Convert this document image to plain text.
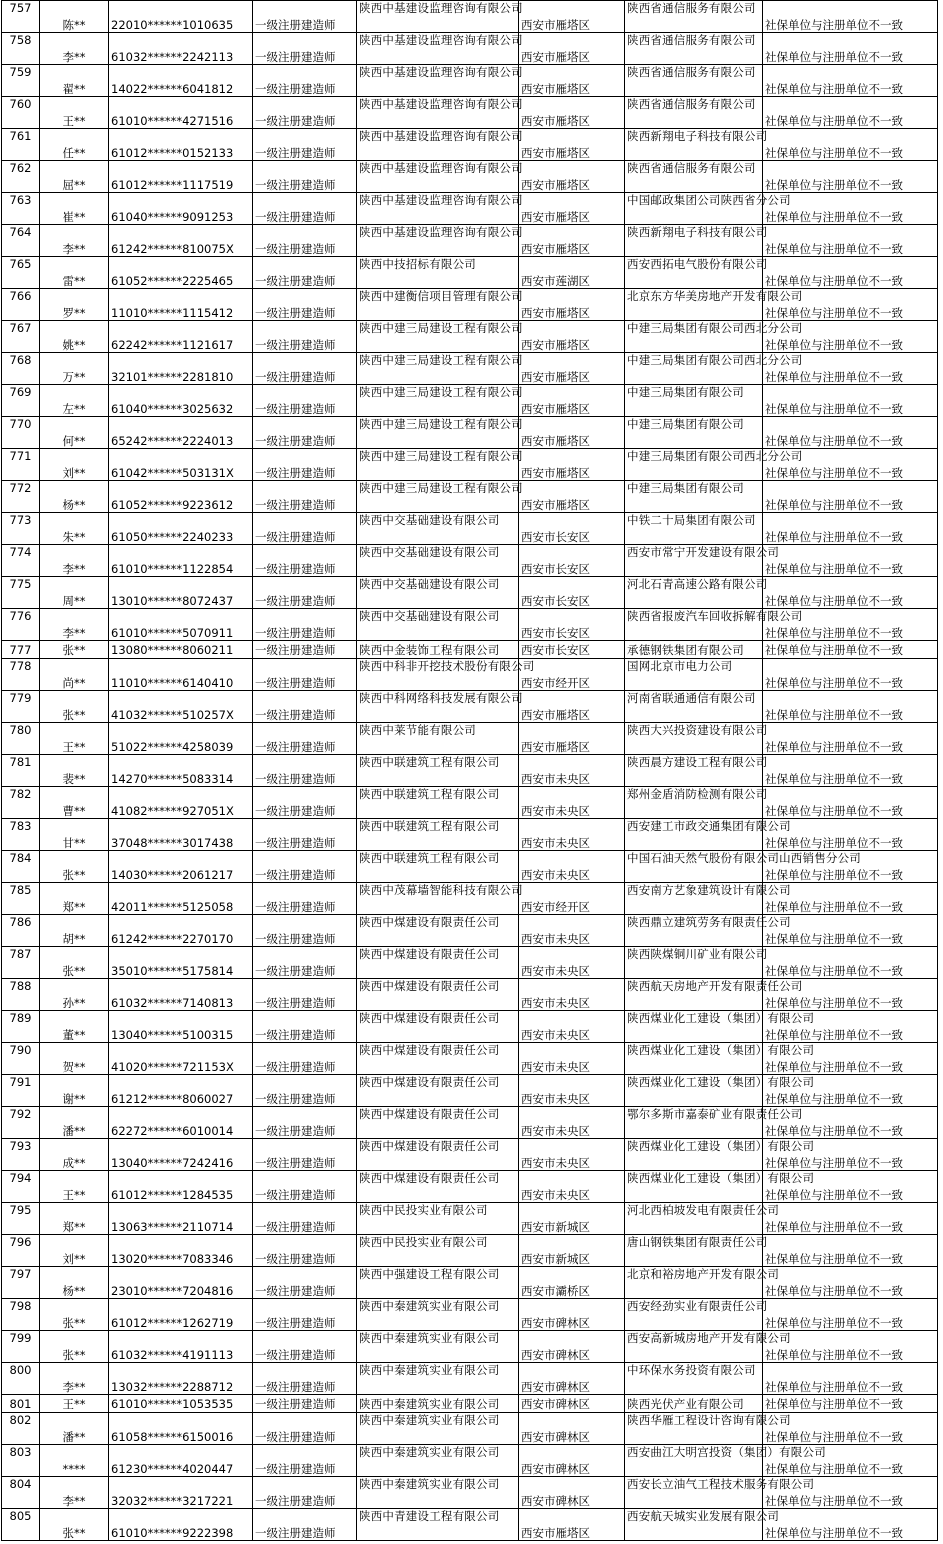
757	陈**	22010******1010635	一级注册建造师	陕西中基建设监理咨询有限公司	西安市雁塔区	陕西省通信服务有限公司	社保单位与注册单位不一致
758	李**	61032******2242113	一级注册建造师	陕西中基建设监理咨询有限公司	西安市雁塔区	陕西省通信服务有限公司	社保单位与注册单位不一致
759	翟**	14022******6041812	一级注册建造师	陕西中基建设监理咨询有限公司	西安市雁塔区	陕西省通信服务有限公司	社保单位与注册单位不一致
760	王**	61010******4271516	一级注册建造师	陕西中基建设监理咨询有限公司	西安市雁塔区	陕西省通信服务有限公司	社保单位与注册单位不一致
761	任**	61012******0152133	一级注册建造师	陕西中基建设监理咨询有限公司	西安市雁塔区	陕西新翔电子科技有限公司	社保单位与注册单位不一致
762	屈**	61012******1117519	一级注册建造师	陕西中基建设监理咨询有限公司	西安市雁塔区	陕西省通信服务有限公司	社保单位与注册单位不一致
763	崔**	61040******9091253	一级注册建造师	陕西中基建设监理咨询有限公司	西安市雁塔区	中国邮政集团公司陕西省分公司	社保单位与注册单位不一致
764	李**	61242******810075X	一级注册建造师	陕西中基建设监理咨询有限公司	西安市雁塔区	陕西新翔电子科技有限公司	社保单位与注册单位不一致
765	雷**	61052******2225465	一级注册建造师	陕西中技招标有限公司	西安市莲湖区	西安西拓电气股份有限公司	社保单位与注册单位不一致
766	罗**	11010******1115412	一级注册建造师	陕西中建衡信项目管理有限公司	西安市雁塔区	北京东方华美房地产开发有限公司	社保单位与注册单位不一致
767	姚**	62242******1121617	一级注册建造师	陕西中建三局建设工程有限公司	西安市雁塔区	中建三局集团有限公司西北分公司	社保单位与注册单位不一致
768	万**	32101******2281810	一级注册建造师	陕西中建三局建设工程有限公司	西安市雁塔区	中建三局集团有限公司西北分公司	社保单位与注册单位不一致
769	左**	61040******3025632	一级注册建造师	陕西中建三局建设工程有限公司	西安市雁塔区	中建三局集团有限公司	社保单位与注册单位不一致
770	何**	65242******2224013	一级注册建造师	陕西中建三局建设工程有限公司	西安市雁塔区	中建三局集团有限公司	社保单位与注册单位不一致
771	刘**	61042******503131X	一级注册建造师	陕西中建三局建设工程有限公司	西安市雁塔区	中建三局集团有限公司西北分公司	社保单位与注册单位不一致
772	杨**	61052******9223612	一级注册建造师	陕西中建三局建设工程有限公司	西安市雁塔区	中建三局集团有限公司	社保单位与注册单位不一致
773	朱**	61050******2240233	一级注册建造师	陕西中交基础建设有限公司	西安市长安区	中铁二十局集团有限公司	社保单位与注册单位不一致
774	李**	61010******1122854	一级注册建造师	陕西中交基础建设有限公司	西安市长安区	西安市常宁开发建设有限公司	社保单位与注册单位不一致
775	周**	13010******8072437	一级注册建造师	陕西中交基础建设有限公司	西安市长安区	河北石青高速公路有限公司	社保单位与注册单位不一致
776	李**	61010******5070911	一级注册建造师	陕西中交基础建设有限公司	西安市长安区	陕西省报废汽车回收拆解有限公司	社保单位与注册单位不一致
777	张**	13080******8060211	一级注册建造师	陕西中金装饰工程有限公司	西安市长安区	承德钢铁集团有限公司	社保单位与注册单位不一致
778	尚**	11010******6140410	一级注册建造师	陕西中科非开挖技术股份有限公司	西安市经开区	国网北京市电力公司	社保单位与注册单位不一致
779	张**	41032******510257X	一级注册建造师	陕西中科网络科技发展有限公司	西安市雁塔区	河南省联通通信有限公司	社保单位与注册单位不一致
780	王**	51022******4258039	一级注册建造师	陕西中莱节能有限公司	西安市雁塔区	陕西大兴投资建设有限公司	社保单位与注册单位不一致
781	裴**	14270******5083314	一级注册建造师	陕西中联建筑工程有限公司	西安市未央区	陕西晨方建设工程有限公司	社保单位与注册单位不一致
782	曹**	41082******927051X	一级注册建造师	陕西中联建筑工程有限公司	西安市未央区	郑州金盾消防检测有限公司	社保单位与注册单位不一致
783	甘**	37048******3017438	一级注册建造师	陕西中联建筑工程有限公司	西安市未央区	西安建工市政交通集团有限公司	社保单位与注册单位不一致
784	张**	14030******2061217	一级注册建造师	陕西中联建筑工程有限公司	西安市未央区	中国石油天然气股份有限公司山西销售分公司	社保单位与注册单位不一致
785	郑**	42011******5125058	一级注册建造师	陕西中茂幕墙智能科技有限公司	西安市经开区	西安南方艺象建筑设计有限公司	社保单位与注册单位不一致
786	胡**	61242******2270170	一级注册建造师	陕西中煤建设有限责任公司	西安市未央区	陕西鼎立建筑劳务有限责任公司	社保单位与注册单位不一致
787	张**	35010******5175814	一级注册建造师	陕西中煤建设有限责任公司	西安市未央区	陕西陕煤铜川矿业有限公司	社保单位与注册单位不一致
788	孙**	61032******7140813	一级注册建造师	陕西中煤建设有限责任公司	西安市未央区	陕西航天房地产开发有限责任公司	社保单位与注册单位不一致
789	董**	13040******5100315	一级注册建造师	陕西中煤建设有限责任公司	西安市未央区	陕西煤业化工建设（集团）有限公司	社保单位与注册单位不一致
790	贺**	41020******721153X	一级注册建造师	陕西中煤建设有限责任公司	西安市未央区	陕西煤业化工建设（集团）有限公司	社保单位与注册单位不一致
791	谢**	61212******8060027	一级注册建造师	陕西中煤建设有限责任公司	西安市未央区	陕西煤业化工建设（集团）有限公司	社保单位与注册单位不一致
792	潘**	62272******6010014	一级注册建造师	陕西中煤建设有限责任公司	西安市未央区	鄂尔多斯市嘉泰矿业有限责任公司	社保单位与注册单位不一致
793	成**	13040******7242416	一级注册建造师	陕西中煤建设有限责任公司	西安市未央区	陕西煤业化工建设（集团）有限公司	社保单位与注册单位不一致
794	王**	61012******1284535	一级注册建造师	陕西中煤建设有限责任公司	西安市未央区	陕西煤业化工建设（集团）有限公司	社保单位与注册单位不一致
795	郑**	13063******2110714	一级注册建造师	陕西中民投实业有限公司	西安市新城区	河北西柏坡发电有限责任公司	社保单位与注册单位不一致
796	刘**	13020******7083346	一级注册建造师	陕西中民投实业有限公司	西安市新城区	唐山钢铁集团有限责任公司	社保单位与注册单位不一致
797	杨**	23010******7204816	一级注册建造师	陕西中强建设工程有限公司	西安市灞桥区	北京和裕房地产开发有限公司	社保单位与注册单位不一致
798	张**	61012******1262719	一级注册建造师	陕西中秦建筑实业有限公司	西安市碑林区	西安经劲实业有限责任公司	社保单位与注册单位不一致
799	张**	61032******4191113	一级注册建造师	陕西中秦建筑实业有限公司	西安市碑林区	西安高新城房地产开发有限公司	社保单位与注册单位不一致
800	李**	13032******2288712	一级注册建造师	陕西中秦建筑实业有限公司	西安市碑林区	中环保水务投资有限公司	社保单位与注册单位不一致
801	王**	61010******1053535	一级注册建造师	陕西中秦建筑实业有限公司	西安市碑林区	陕西光伏产业有限公司	社保单位与注册单位不一致
802	潘**	61058******6150016	一级注册建造师	陕西中秦建筑实业有限公司	西安市碑林区	陕西华雁工程设计咨询有限公司	社保单位与注册单位不一致
803	****	61230******4020447	一级注册建造师	陕西中秦建筑实业有限公司	西安市碑林区	西安曲江大明宫投资（集团）有限公司	社保单位与注册单位不一致
804	李**	32032******3217221	一级注册建造师	陕西中秦建筑实业有限公司	西安市碑林区	西安长立油气工程技术服务有限公司	社保单位与注册单位不一致
805	张**	61010******9222398	一级注册建造师	陕西中青建设工程有限公司	西安市雁塔区	西安航天城实业发展有限公司	社保单位与注册单位不一致
